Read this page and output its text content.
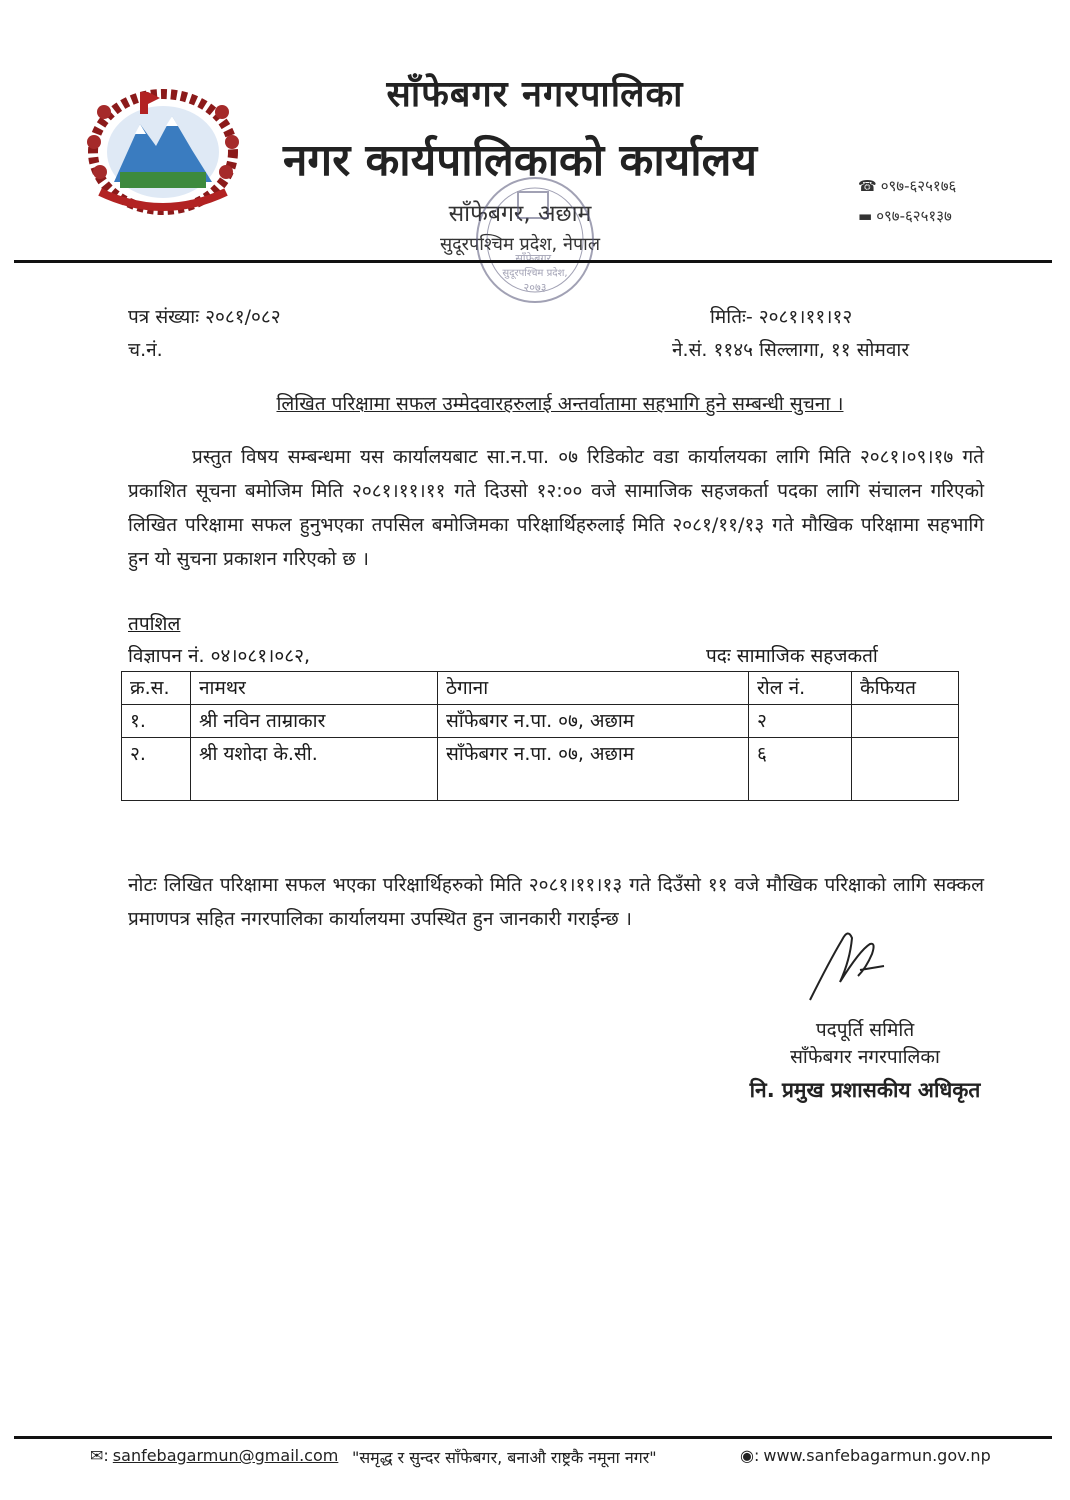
साँफेबगर नगरपालिका
नगर कार्यपालिकाको कार्यालय
साँफेबगर, अछाम
सुदूरपश्चिम प्रदेश, नेपाल
☎ ०९७-६२५१७६
▬ ०९७-६२५१३७
साँफेबगर,
सुदूरपश्चिम प्रदेश,
२०७३
पत्र संख्याः २०८१/०८२
च.नं.
मितिः- २०८१।११।१२
ने.सं. ११४५ सिल्लागा, ११ सोमवार
लिखित परिक्षामा सफल उम्मेदवारहरुलाई अन्तर्वातामा सहभागि हुने सम्बन्धी सुचना ।
प्रस्तुत विषय सम्बन्धमा यस कार्यालयबाट सा.न.पा. ०७ रिडिकोट वडा कार्यालयका लागि मिति २०८१।०९।१७ गते प्रकाशित सूचना बमोजिम मिति २०८१।११।११ गते दिउसो १२:०० वजे सामाजिक सहजकर्ता पदका लागि संचालन गरिएको लिखित परिक्षामा सफल हुनुभएका तपसिल बमोजिमका परिक्षार्थिहरुलाई मिति २०८१/११/१३ गते मौखिक परिक्षामा सहभागि हुन यो सुचना प्रकाशन गरिएको छ ।
तपशिल
विज्ञापन नं. ०४।०८१।०८२,	पदः सामाजिक सहजकर्ता
क्र.स.	नामथर	ठेगाना	रोल नं.	कैफियत
१.	श्री नविन ताम्राकार	साँफेबगर न.पा. ०७, अछाम	२	
२.	श्री यशोदा के.सी.	साँफेबगर न.पा. ०७, अछाम	६	
नोटः लिखित परिक्षामा सफल भएका परिक्षार्थिहरुको मिति २०८१।११।१३ गते दिउँसो ११ वजे मौखिक परिक्षाको लागि सक्कल प्रमाणपत्र सहित नगरपालिका कार्यालयमा उपस्थित हुन जानकारी गराईन्छ ।
पदपूर्ति समिति
साँफेबगर नगरपालिका
नि. प्रमुख प्रशासकीय अधिकृत
✉: sanfebagarmun@gmail.com "समृद्ध र सुन्दर साँफेबगर, बनाऔ राष्ट्रकै नमूना नगर"	◉: www.sanfebagarmun.gov.np
